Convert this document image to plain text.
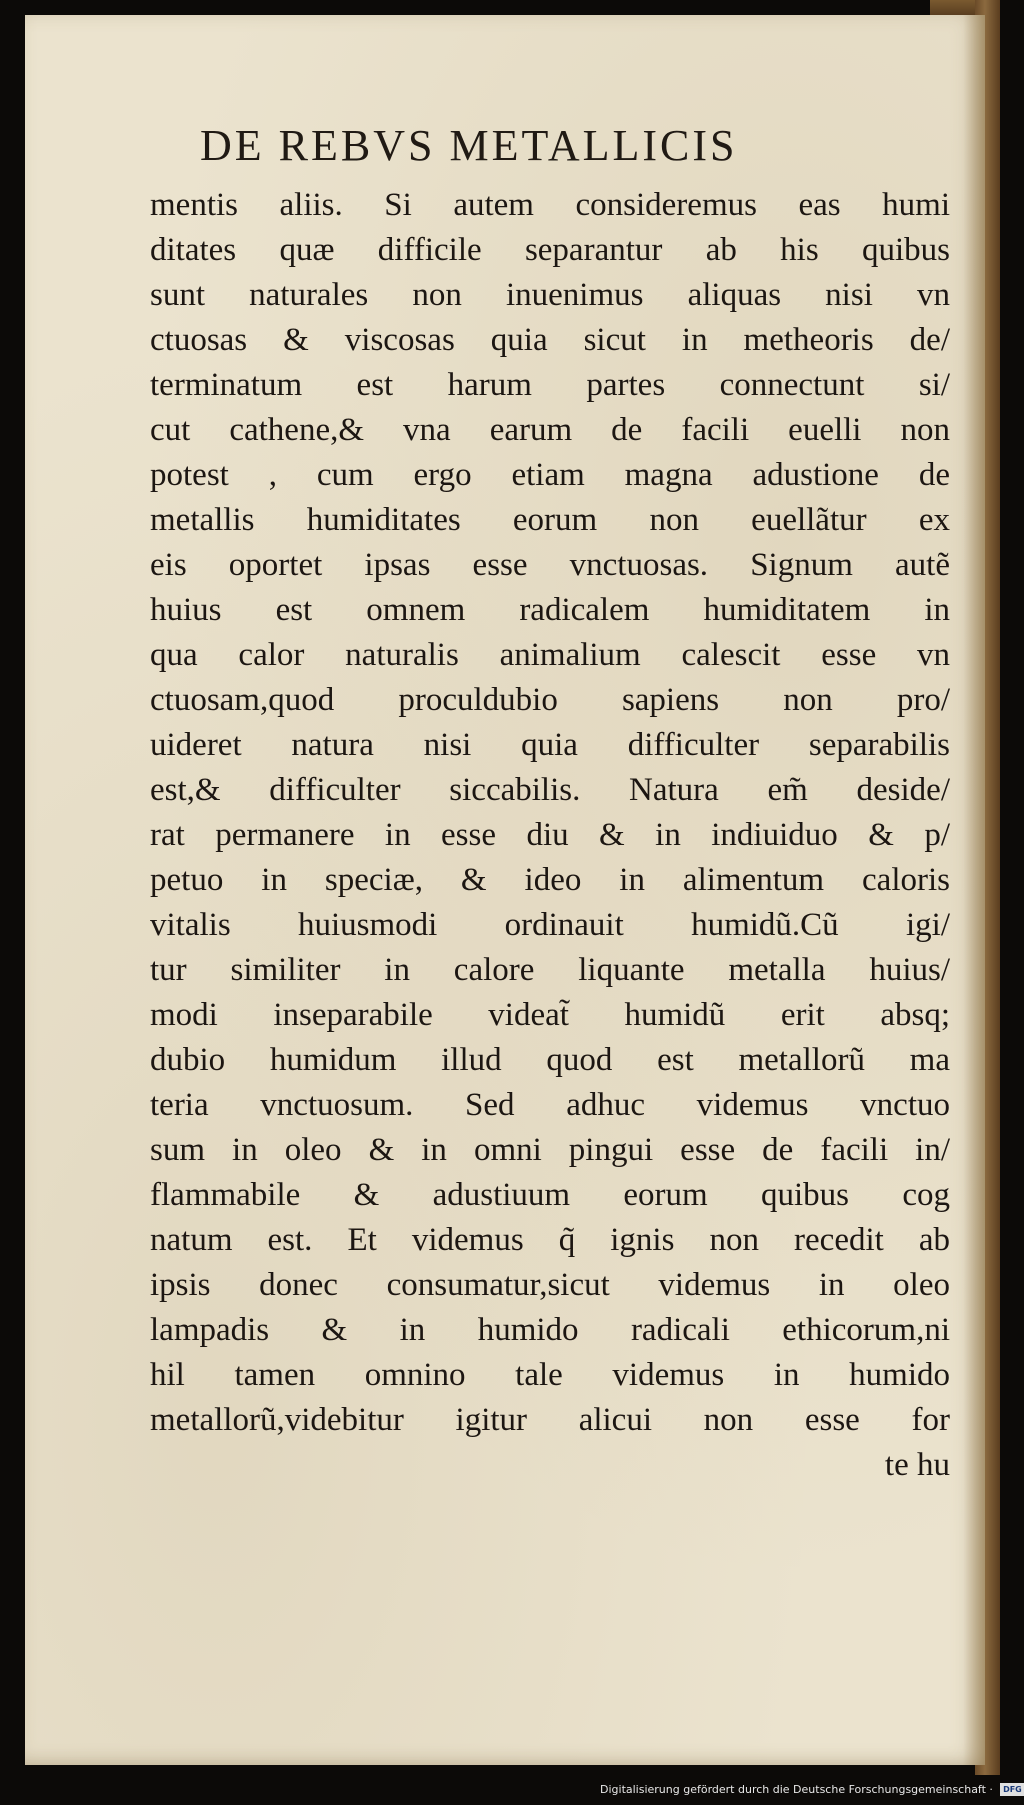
DE REBVS METALLICIS
mentis aliis. Si autem consideremus eas humi
ditates quæ difficile separantur ab his quibus
sunt naturales non inuenimus aliquas nisi vn
ctuosas & viscosas quia sicut in metheoris de/
terminatum est harum partes connectunt si/
cut cathene,& vna earum de facili euelli non
potest , cum ergo etiam magna adustione de
metallis humiditates eorum non euellãtur ex
eis oportet ipsas esse vnctuosas. Signum autẽ
huius est omnem radicalem humiditatem in
qua calor naturalis animalium calescit esse vn
ctuosam,quod proculdubio sapiens non pro/
uideret natura nisi quia difficulter separabilis
est,& difficulter siccabilis. Natura em̃ deside/
rat permanere in esse diu & in indiuiduo & p/
petuo in speciæ, & ideo in alimentum caloris
vitalis huiusmodi ordinauit humidũ.Cũ igi/
tur similiter in calore liquante metalla huius/
modi inseparabile videat̃ humidũ erit absq;
dubio humidum illud quod est metallorũ ma
teria vnctuosum. Sed adhuc videmus vnctuo
sum in oleo & in omni pingui esse de facili in/
flammabile & adustiuum eorum quibus cog
natum est. Et videmus q̃ ignis non recedit ab
ipsis donec consumatur,sicut videmus in oleo
lampadis & in humido radicali ethicorum,ni
hil tamen omnino tale videmus in humido
metallorũ,videbitur igitur alicui non esse for
te hu
Digitalisierung gefördert durch die Deutsche Forschungsgemeinschaft · DFG
